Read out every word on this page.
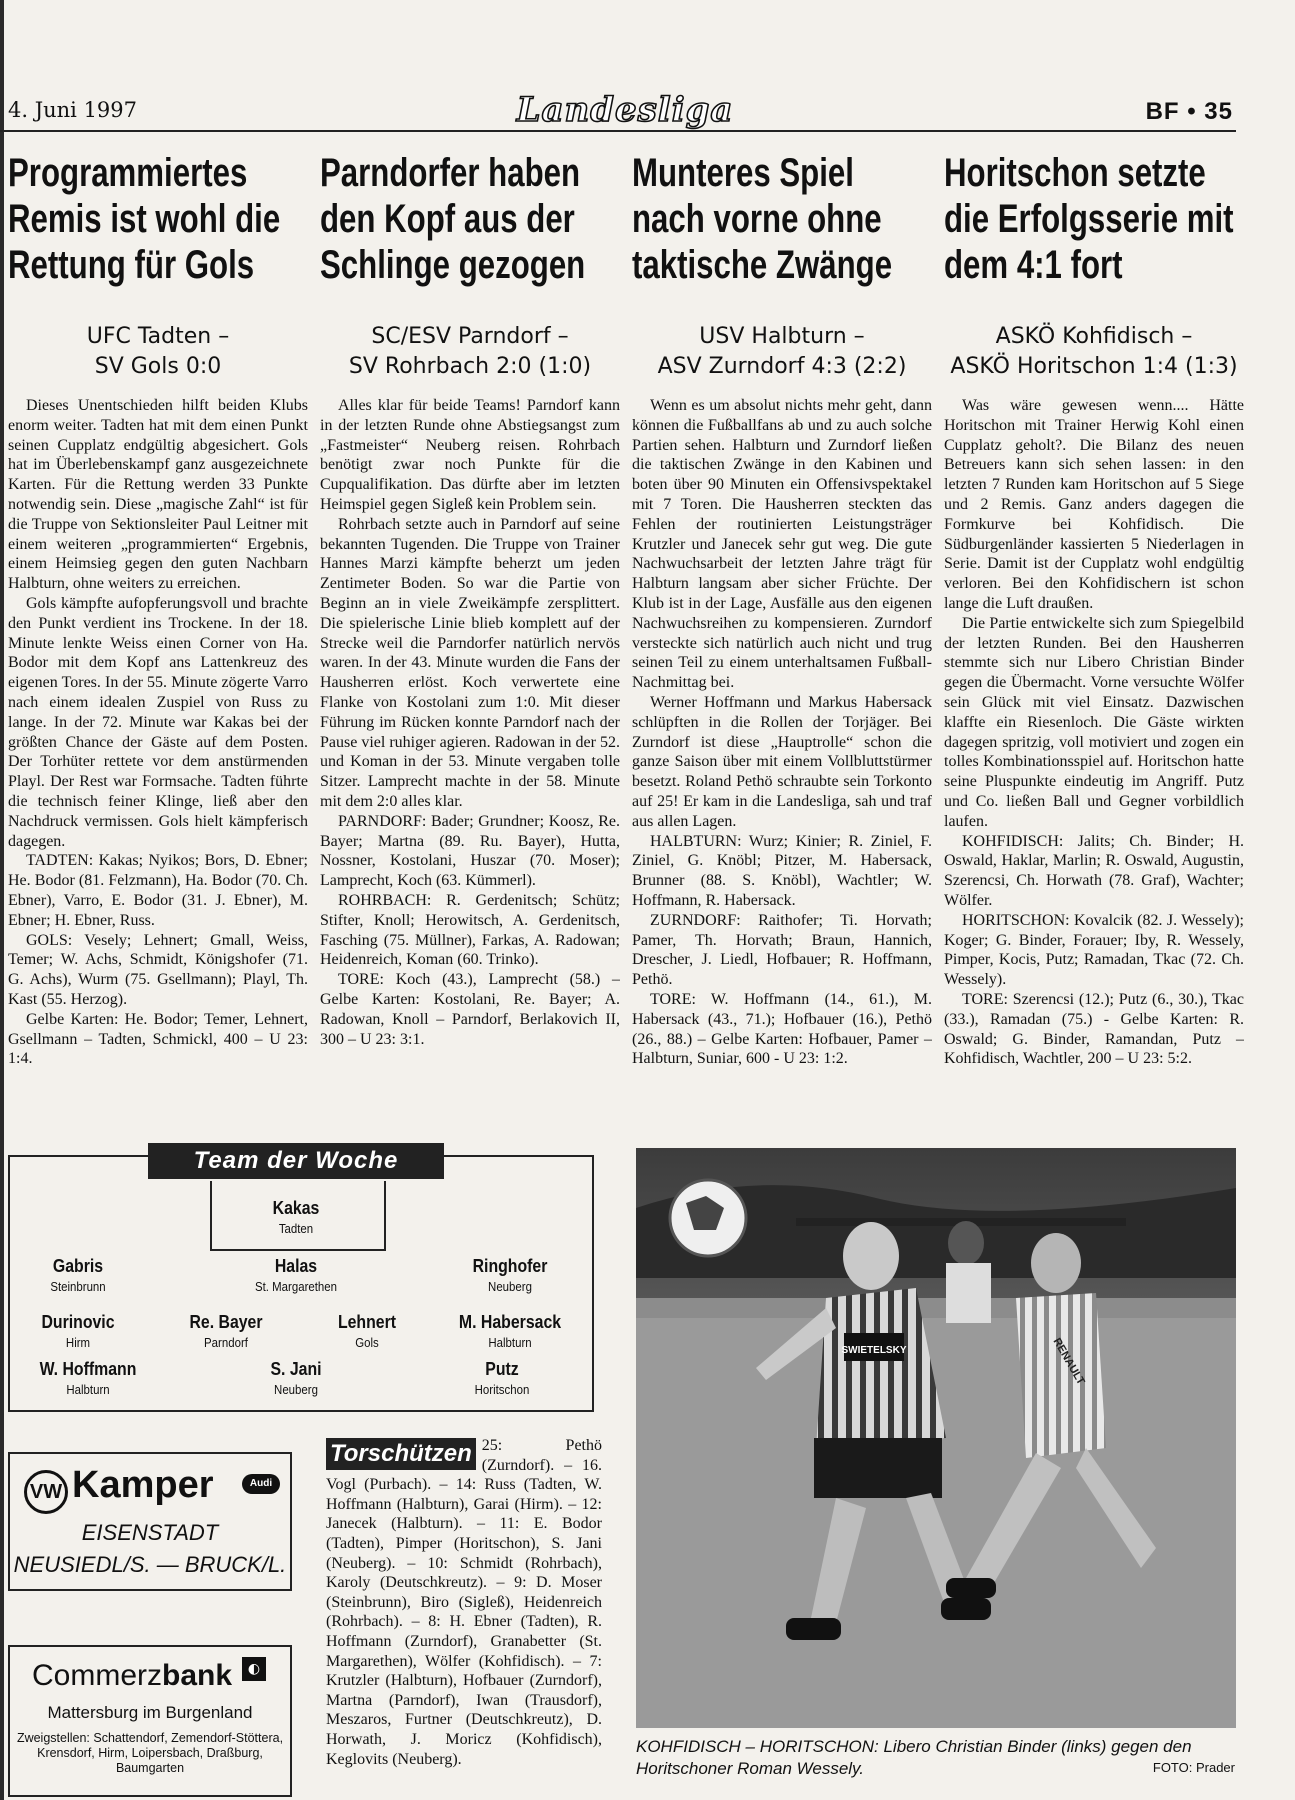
4. Juni 1997	Landesliga	BF • 35
Programmiertes Remis ist wohl die Rettung für Gols
UFC Tadten –
SV Gols 0:0

Dieses Unentschieden hilft beiden Klubs enorm weiter. Tadten hat mit dem einen Punkt seinen Cupplatz endgültig abgesichert. Gols hat im Überlebenskampf ganz ausgezeichnete Karten. Für die Rettung werden 33 Punkte notwendig sein. Diese „magische Zahl“ ist für die Truppe von Sektionsleiter Paul Leitner mit einem weiteren „programmierten“ Ergebnis, einem Heimsieg gegen den guten Nachbarn Halbturn, ohne weiters zu erreichen.

Gols kämpfte aufopferungsvoll und brachte den Punkt verdient ins Trockene. In der 18. Minute lenkte Weiss einen Corner von Ha. Bodor mit dem Kopf ans Lattenkreuz des eigenen Tores. In der 55. Minute zögerte Varro nach einem idealen Zuspiel von Russ zu lange. In der 72. Minute war Kakas bei der größten Chance der Gäste auf dem Posten. Der Torhüter rettete vor dem anstürmenden Playl. Der Rest war Formsache. Tadten führte die technisch feiner Klinge, ließ aber den Nachdruck vermissen. Gols hielt kämpferisch dagegen.

TADTEN: Kakas; Nyikos; Bors, D. Ebner; He. Bodor (81. Felzmann), Ha. Bodor (70. Ch. Ebner), Varro, E. Bodor (31. J. Ebner), M. Ebner; H. Ebner, Russ.

GOLS: Vesely; Lehnert; Gmall, Weiss, Temer; W. Achs, Schmidt, Königshofer (71. G. Achs), Wurm (75. Gsellmann); Playl, Th. Kast (55. Herzog).

Gelbe Karten: He. Bodor; Temer, Lehnert, Gsellmann – Tadten, Schmickl, 400 – U 23: 1:4.

Parndorfer haben den Kopf aus der Schlinge gezogen
SC/ESV Parndorf –
SV Rohrbach 2:0 (1:0)

Alles klar für beide Teams! Parndorf kann in der letzten Runde ohne Abstiegsangst zum „Fastmeister“ Neuberg reisen. Rohrbach benötigt zwar noch Punkte für die Cupqualifikation. Das dürfte aber im letzten Heimspiel gegen Sigleß kein Problem sein.

Rohrbach setzte auch in Parndorf auf seine bekannten Tugenden. Die Truppe von Trainer Hannes Marzi kämpfte beherzt um jeden Zentimeter Boden. So war die Partie von Beginn an in viele Zweikämpfe zersplittert. Die spielerische Linie blieb komplett auf der Strecke weil die Parndorfer natürlich nervös waren. In der 43. Minute wurden die Fans der Hausherren erlöst. Koch verwertete eine Flanke von Kostolani zum 1:0. Mit dieser Führung im Rücken konnte Parndorf nach der Pause viel ruhiger agieren. Radowan in der 52. und Koman in der 53. Minute vergaben tolle Sitzer. Lamprecht machte in der 58. Minute mit dem 2:0 alles klar.

PARNDORF: Bader; Grundner; Koosz, Re. Bayer; Martna (89. Ru. Bayer), Hutta, Nossner, Kostolani, Huszar (70. Moser); Lamprecht, Koch (63. Kümmerl).

ROHRBACH: R. Gerdenitsch; Schütz; Stifter, Knoll; Herowitsch, A. Gerdenitsch, Fasching (75. Müllner), Farkas, A. Radowan; Heidenreich, Koman (60. Trinko).

TORE: Koch (43.), Lamprecht (58.) – Gelbe Karten: Kostolani, Re. Bayer; A. Radowan, Knoll – Parndorf, Berlakovich II, 300 – U 23: 3:1.

Munteres Spiel nach vorne ohne taktische Zwänge
USV Halbturn –
ASV Zurndorf 4:3 (2:2)

Wenn es um absolut nichts mehr geht, dann können die Fußballfans ab und zu auch solche Partien sehen. Halbturn und Zurndorf ließen die taktischen Zwänge in den Kabinen und boten über 90 Minuten ein Offensivspektakel mit 7 Toren. Die Hausherren steckten das Fehlen der routinierten Leistungsträger Krutzler und Janecek sehr gut weg. Die gute Nachwuchsarbeit der letzten Jahre trägt für Halbturn langsam aber sicher Früchte. Der Klub ist in der Lage, Ausfälle aus den eigenen Nachwuchsreihen zu kompensieren. Zurndorf versteckte sich natürlich auch nicht und trug seinen Teil zu einem unterhaltsamen Fußball-Nachmittag bei.

Werner Hoffmann und Markus Habersack schlüpften in die Rollen der Torjäger. Bei Zurndorf ist diese „Hauptrolle“ schon die ganze Saison über mit einem Vollbluttstürmer besetzt. Roland Pethö schraubte sein Torkonto auf 25! Er kam in die Landesliga, sah und traf aus allen Lagen.

HALBTURN: Wurz; Kinier; R. Ziniel, F. Ziniel, G. Knöbl; Pitzer, M. Habersack, Brunner (88. S. Knöbl), Wachtler; W. Hoffmann, R. Habersack.

ZURNDORF: Raithofer; Ti. Horvath; Pamer, Th. Horvath; Braun, Hannich, Drescher, J. Liedl, Hofbauer; R. Hoffmann, Pethö.

TORE: W. Hoffmann (14., 61.), M. Habersack (43., 71.); Hofbauer (16.), Pethö (26., 88.) – Gelbe Karten: Hofbauer, Pamer – Halbturn, Suniar, 600 - U 23: 1:2.

Horitschon setzte die Erfolgsserie mit dem 4:1 fort
ASKÖ Kohfidisch –
ASKÖ Horitschon 1:4 (1:3)

Was wäre gewesen wenn.... Hätte Horitschon mit Trainer Herwig Kohl einen Cupplatz geholt?. Die Bilanz des neuen Betreuers kann sich sehen lassen: in den letzten 7 Runden kam Horitschon auf 5 Siege und 2 Remis. Ganz anders dagegen die Formkurve bei Kohfidisch. Die Südburgenländer kassierten 5 Niederlagen in Serie. Damit ist der Cupplatz wohl endgültig verloren. Bei den Kohfidischern ist schon lange die Luft draußen.

Die Partie entwickelte sich zum Spiegelbild der letzten Runden. Bei den Hausherren stemmte sich nur Libero Christian Binder gegen die Übermacht. Vorne versuchte Wölfer sein Glück mit viel Einsatz. Dazwischen klaffte ein Riesenloch. Die Gäste wirkten dagegen spritzig, voll motiviert und zogen ein tolles Kombinationsspiel auf. Horitschon hatte seine Pluspunkte eindeutig im Angriff. Putz und Co. ließen Ball und Gegner vorbildlich laufen.

KOHFIDISCH: Jalits; Ch. Binder; H. Oswald, Haklar, Marlin; R. Oswald, Augustin, Szerencsi, Ch. Horwath (78. Graf), Wachter; Wölfer.

HORITSCHON: Kovalcik (82. J. Wessely); Koger; G. Binder, Forauer; Iby, R. Wessely, Pimper, Kocis, Putz; Ramadan, Tkac (72. Ch. Wessely).

TORE: Szerencsi (12.); Putz (6., 30.), Tkac (33.), Ramadan (75.) - Gelbe Karten: R. Oswald; G. Binder, Ramandan, Putz – Kohfidisch, Wachtler, 200 – U 23: 5:2.

Team der Woche
Kakas
Tadten
Gabris
Steinbrunn
Halas
St. Margarethen
Ringhofer
Neuberg
Durinovic
Hirm
Re. Bayer
Parndorf
Lehnert
Gols
M. Habersack
Halbturn
W. Hoffmann
Halbturn
S. Jani
Neuberg
Putz
Horitschon
VW Kamper	Audi
EISENSTADT
NEUSIEDL/S. — BRUCK/L.
Commerzbank	◐
Mattersburg im Burgenland
Zweigstellen: Schattendorf, Zemendorf-Stöttera, Krensdorf, Hirm, Loipersbach, Draßburg, Baumgarten
Torschützen 25: Pethö (Zurndorf). – 16. Vogl (Purbach). – 14: Russ (Tadten, W. Hoffmann (Halbturn), Garai (Hirm). – 12: Janecek (Halbturn). – 11: E. Bodor (Tadten), Pimper (Horitschon), S. Jani (Neuberg). – 10: Schmidt (Rohrbach), Karoly (Deutschkreutz). – 9: D. Moser (Steinbrunn), Biro (Sigleß), Heidenreich (Rohrbach). – 8: H. Ebner (Tadten), R. Hoffmann (Zurndorf), Granabetter (St. Margarethen), Wölfer (Kohfidisch). – 7: Krutzler (Halbturn), Hofbauer (Zurndorf), Martna (Parndorf), Iwan (Trausdorf), Meszaros, Furtner (Deutschkreutz), D. Horwath, J. Moricz (Kohfidisch), Keglovits (Neuberg).
SWIETELSKY	RENAULT
KOHFIDISCH – HORITSCHON: Libero Christian Binder (links) gegen den Horitschoner Roman Wessely.	FOTO: Prader
